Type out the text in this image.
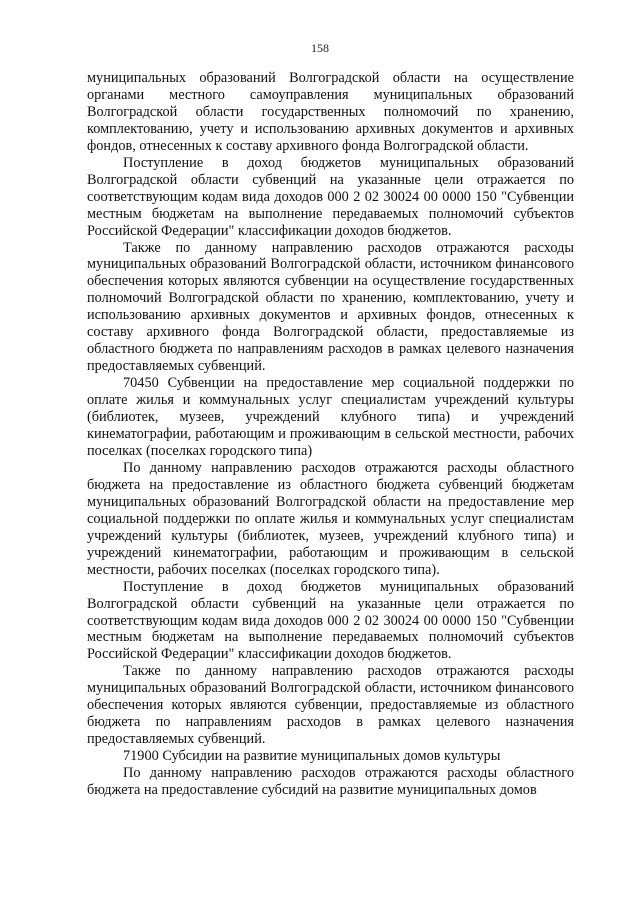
158

муниципальных образований Волгоградской области на осуществление органами местного самоуправления муниципальных образований Волгоградской области государственных полномочий по хранению, комплектованию, учету и использованию архивных документов и архивных фондов, отнесенных к составу архивного фонда Волгоградской области.

Поступление в доход бюджетов муниципальных образований Волгоградской области субвенций на указанные цели отражается по соответствующим кодам вида доходов 000 2 02 30024 00 0000 150 "Субвенции местным бюджетам на выполнение передаваемых полномочий субъектов Российской Федерации" классификации доходов бюджетов.

Также по данному направлению расходов отражаются расходы муниципальных образований Волгоградской области, источником финансового обеспечения которых являются субвенции на осуществление государственных полномочий Волгоградской области по хранению, комплектованию, учету и использованию архивных документов и архивных фондов, отнесенных к составу архивного фонда Волгоградской области, предоставляемые из областного бюджета по направлениям расходов в рамках целевого назначения предоставляемых субвенций.

70450 Субвенции на предоставление мер социальной поддержки по оплате жилья и коммунальных услуг специалистам учреждений культуры (библиотек, музеев, учреждений клубного типа) и учреждений кинематографии, работающим и проживающим в сельской местности, рабочих поселках (поселках городского типа)

По данному направлению расходов отражаются расходы областного бюджета на предоставление из областного бюджета субвенций бюджетам муниципальных образований Волгоградской области на предоставление мер социальной поддержки по оплате жилья и коммунальных услуг специалистам учреждений культуры (библиотек, музеев, учреждений клубного типа) и учреждений кинематографии, работающим и проживающим в сельской местности, рабочих поселках (поселках городского типа).

Поступление в доход бюджетов муниципальных образований Волгоградской области субвенций на указанные цели отражается по соответствующим кодам вида доходов 000 2 02 30024 00 0000 150 "Субвенции местным бюджетам на выполнение передаваемых полномочий субъектов Российской Федерации" классификации доходов бюджетов.

Также по данному направлению расходов отражаются расходы муниципальных образований Волгоградской области, источником финансового обеспечения которых являются субвенции, предоставляемые из областного бюджета по направлениям расходов в рамках целевого назначения предоставляемых субвенций.

71900 Субсидии на развитие муниципальных домов культуры

По данному направлению расходов отражаются расходы областного бюджета на предоставление субсидий на развитие муниципальных домов
